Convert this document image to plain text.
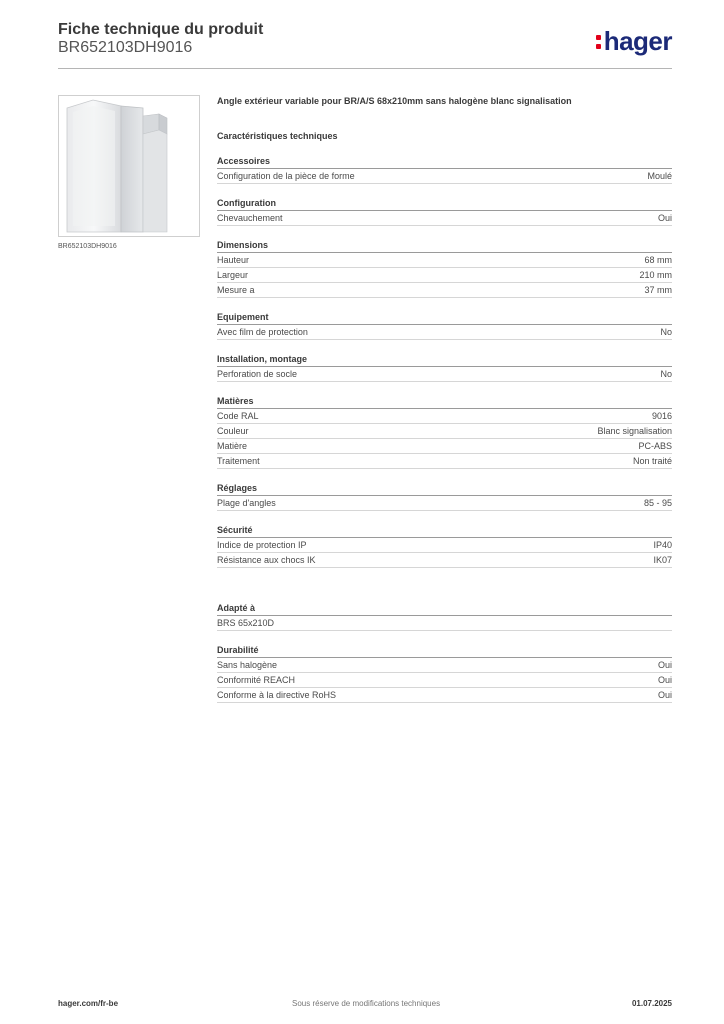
Fiche technique du produit
BR652103DH9016	hager
BR652103DH9016
Angle extérieur variable pour BR/A/S 68x210mm sans halogène blanc signalisation
Caractéristiques techniques
Accessoires
Configuration de la pièce de forme	Moulé
Configuration
Chevauchement	Oui
Dimensions
Hauteur	68 mm
Largeur	210 mm
Mesure a	37 mm
Equipement
Avec film de protection	No
Installation, montage
Perforation de socle	No
Matières
Code RAL	9016
Couleur	Blanc signalisation
Matière	PC-ABS
Traitement	Non traité
Réglages
Plage d'angles	85 - 95
Sécurité
Indice de protection IP	IP40
Résistance aux chocs IK	IK07
Adapté à
BRS 65x210D
Durabilité
Sans halogène	Oui
Conformité REACH	Oui
Conforme à la directive RoHS	Oui
hager.com/fr-be	Sous réserve de modifications techniques	01.07.2025
